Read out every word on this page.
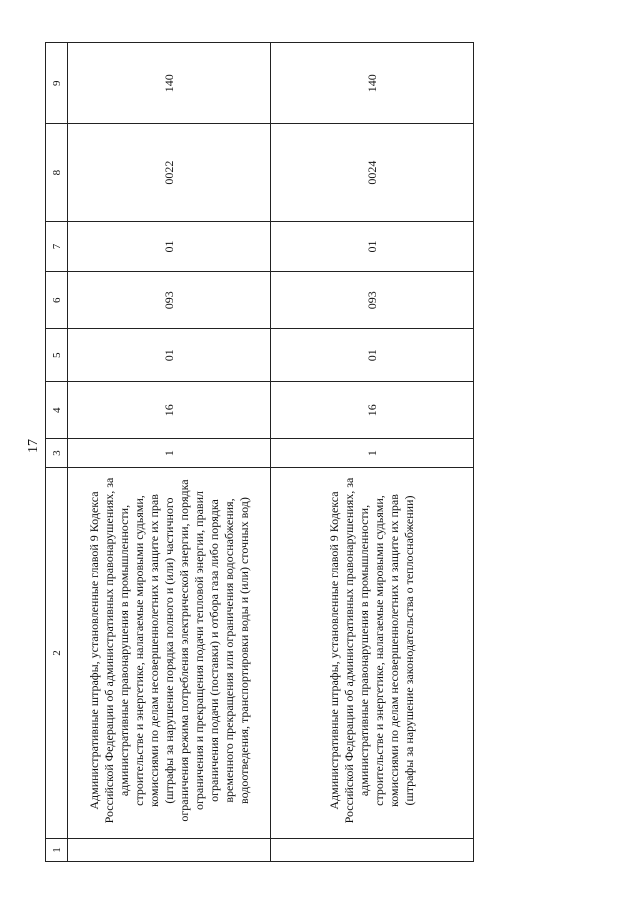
17
1	2	3	4	5	6	7	8	9
	Административные штрафы, установленные главой 9 Кодекса Российской Федерации об административных правонарушениях, за административные правонарушения в промышленности, строительстве и энергетике, налагаемые мировыми судьями, комиссиями по делам несовершеннолетних и защите их прав (штрафы за нарушение порядка полного и (или) частичного ограничения режима потребления электрической энергии, порядка ограничения и прекращения подачи тепловой энергии, правил ограничения подачи (поставки) и отбора газа либо порядка временного прекращения или ограничения водоснабжения, водоотведения, транспортировки воды и (или) сточных вод)	1	16	01	093	01	0022	140
	Административные штрафы, установленные главой 9 Кодекса Российской Федерации об административных правонарушениях, за административные правонарушения в промышленности, строительстве и энергетике, налагаемые мировыми судьями, комиссиями по делам несовершеннолетних и защите их прав (штрафы за нарушение законодательства о теплоснабжении)	1	16	01	093	01	0024	140
